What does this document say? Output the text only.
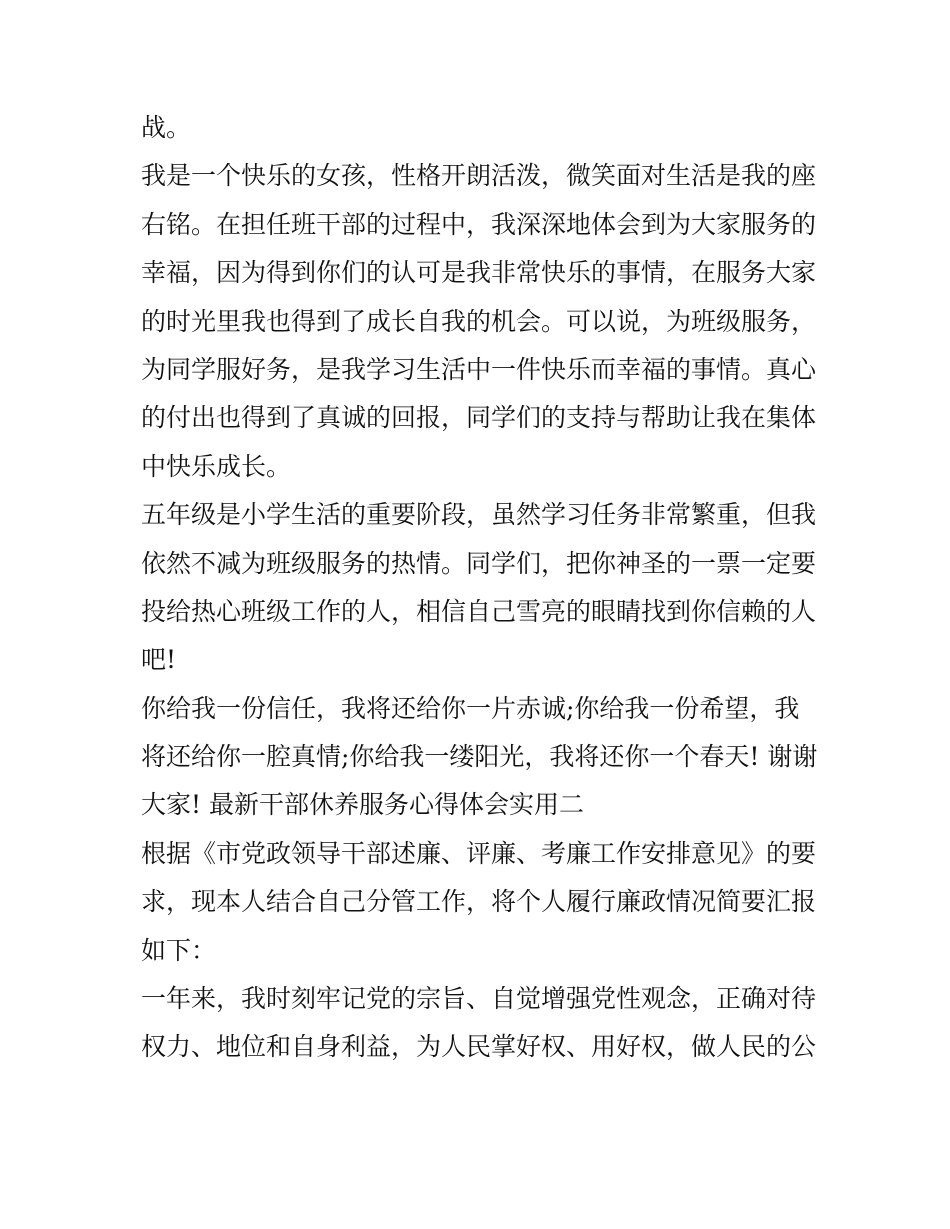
战。
我是一个快乐的女孩，性格开朗活泼，微笑面对生活是我的座
右铭。在担任班干部的过程中，我深深地体会到为大家服务的
幸福，因为得到你们的认可是我非常快乐的事情，在服务大家
的时光里我也得到了成长自我的机会。可以说，为班级服务，
为同学服好务，是我学习生活中一件快乐而幸福的事情。真心
的付出也得到了真诚的回报，同学们的支持与帮助让我在集体
中快乐成长。
五年级是小学生活的重要阶段，虽然学习任务非常繁重，但我
依然不减为班级服务的热情。同学们，把你神圣的一票一定要
投给热心班级工作的人，相信自己雪亮的眼睛找到你信赖的人
吧!
你给我一份信任，我将还给你一片赤诚;你给我一份希望，我
将还给你一腔真情;你给我一缕阳光，我将还你一个春天! 谢谢
大家! 最新干部休养服务心得体会实用二
根据《市党政领导干部述廉、评廉、考廉工作安排意见》的要
求，现本人结合自己分管工作，将个人履行廉政情况简要汇报
如下：
一年来，我时刻牢记党的宗旨、自觉增强党性观念，正确对待
权力、地位和自身利益，为人民掌好权、用好权，做人民的公
